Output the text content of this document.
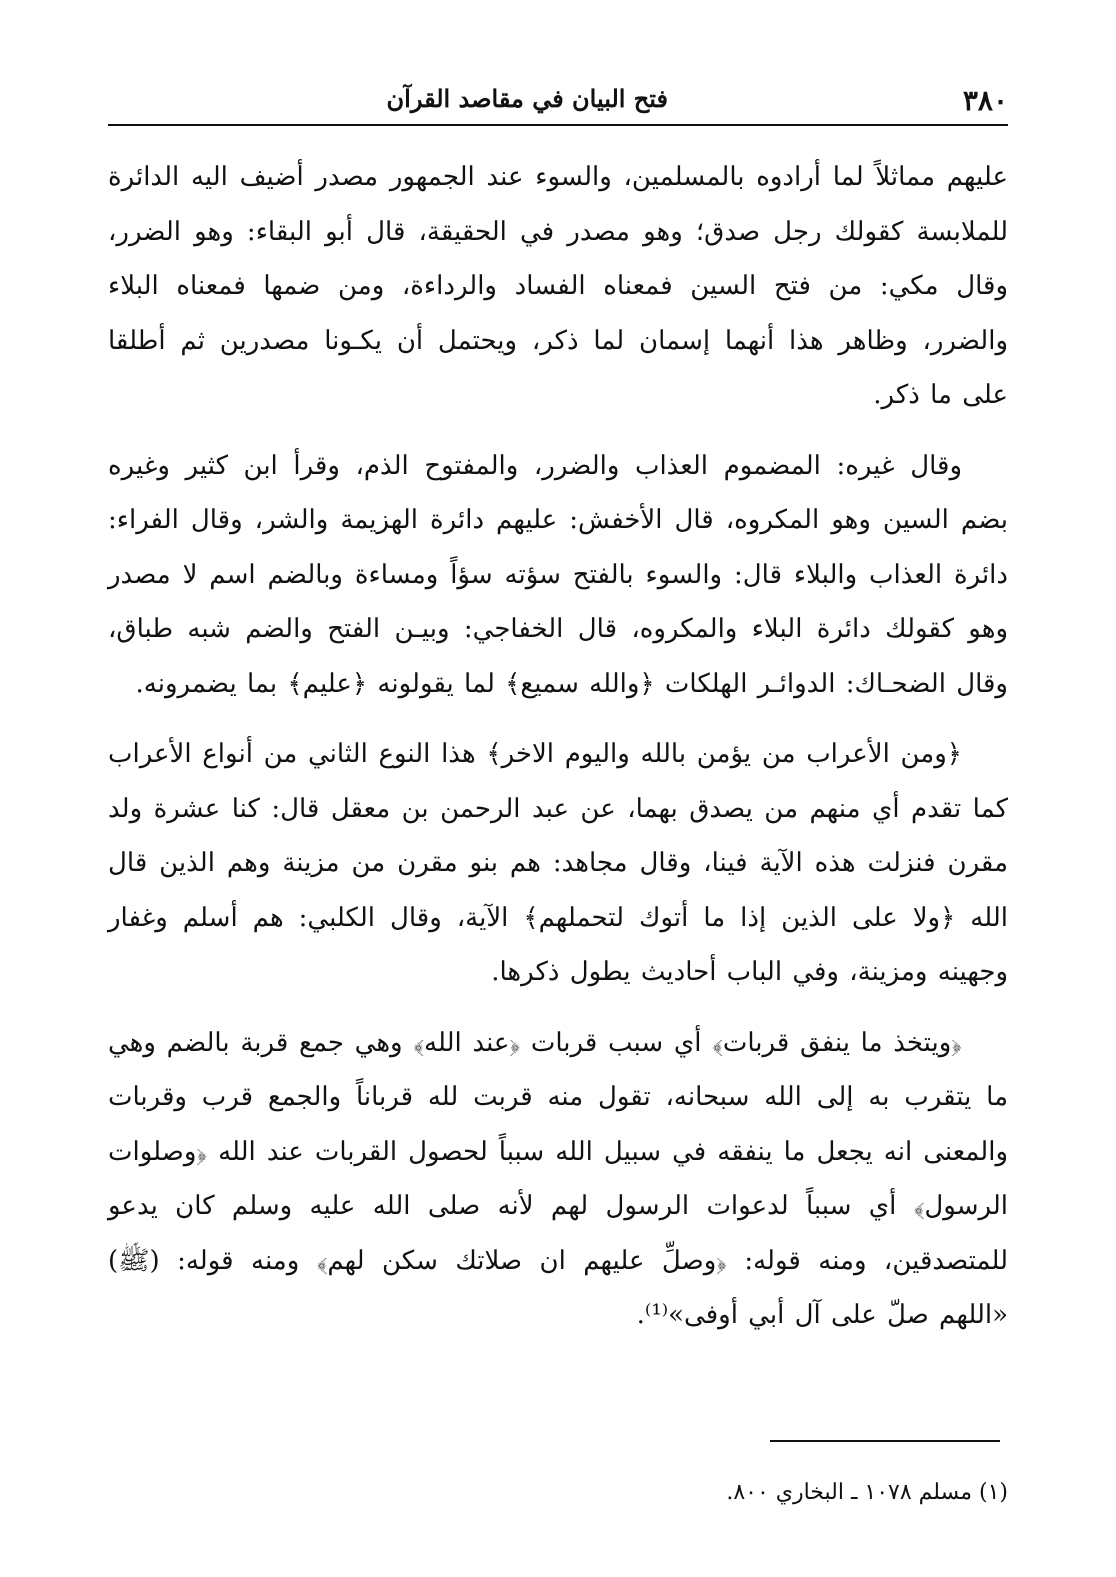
٣٨٠
فتح البيان في مقاصد القرآن

عليهم مماثلاً لما أرادوه بالمسلمين، والسوء عند الجمهور مصدر أضيف اليه الدائرة للملابسة كقولك رجل صدق؛ وهو مصدر في الحقيقة، قال أبو البقاء: وهو الضرر، وقال مكي: من فتح السين فمعناه الفساد والرداءة، ومن ضمها فمعناه البلاء والضرر، وظاهر هذا أنهما إسمان لما ذكر، ويحتمل أن يكـونا مصدرين ثم أطلقا على ما ذكر.

وقال غيره: المضموم العذاب والضرر، والمفتوح الذم، وقرأ ابن كثير وغيره بضم السين وهو المكروه، قال الأخفش: عليهم دائرة الهزيمة والشر، وقال الفراء: دائرة العذاب والبلاء قال: والسوء بالفتح سؤته سؤاً ومساءة وبالضم اسم لا مصدر وهو كقولك دائرة البلاء والمكروه، قال الخفاجي: وبيـن الفتح والضم شبه طباق، وقال الضحـاك: الدوائـر الهلكات ﴿والله سميع﴾ لما يقولونه ﴿عليم﴾ بما يضمرونه.

﴿ومن الأعراب من يؤمن بالله واليوم الاخر﴾ هذا النوع الثاني من أنواع الأعراب كما تقدم أي منهم من يصدق بهما، عن عبد الرحمن بن معقل قال: كنا عشرة ولد مقرن فنزلت هذه الآية فينا، وقال مجاهد: هم بنو مقرن من مزينة وهم الذين قال الله ﴿ولا على الذين إذا ما أتوك لتحملهم﴾ الآية، وقال الكلبي: هم أسلم وغفار وجهينه ومزينة، وفي الباب أحاديث يطول ذكرها.

﴿ويتخذ ما ينفق قربات﴾ أي سبب قربات ﴿عند الله﴾ وهي جمع قربة بالضم وهي ما يتقرب به إلى الله سبحانه، تقول منه قربت لله قرباناً والجمع قرب وقربات والمعنى انه يجعل ما ينفقه في سبيل الله سبباً لحصول القربات عند الله ﴿وصلوات الرسول﴾ أي سبباً لدعوات الرسول لهم لأنه صلى الله عليه وسلم كان يدعو للمتصدقين، ومنه قوله: ﴿وصلِّ عليهم ان صلاتك سكن لهم﴾ ومنه قوله: (ﷺ) «اللهم صلّ على آل أبي أوفى»⁽¹⁾.

(١) مسلم ١٠٧٨ ـ البخاري ٨٠٠.
